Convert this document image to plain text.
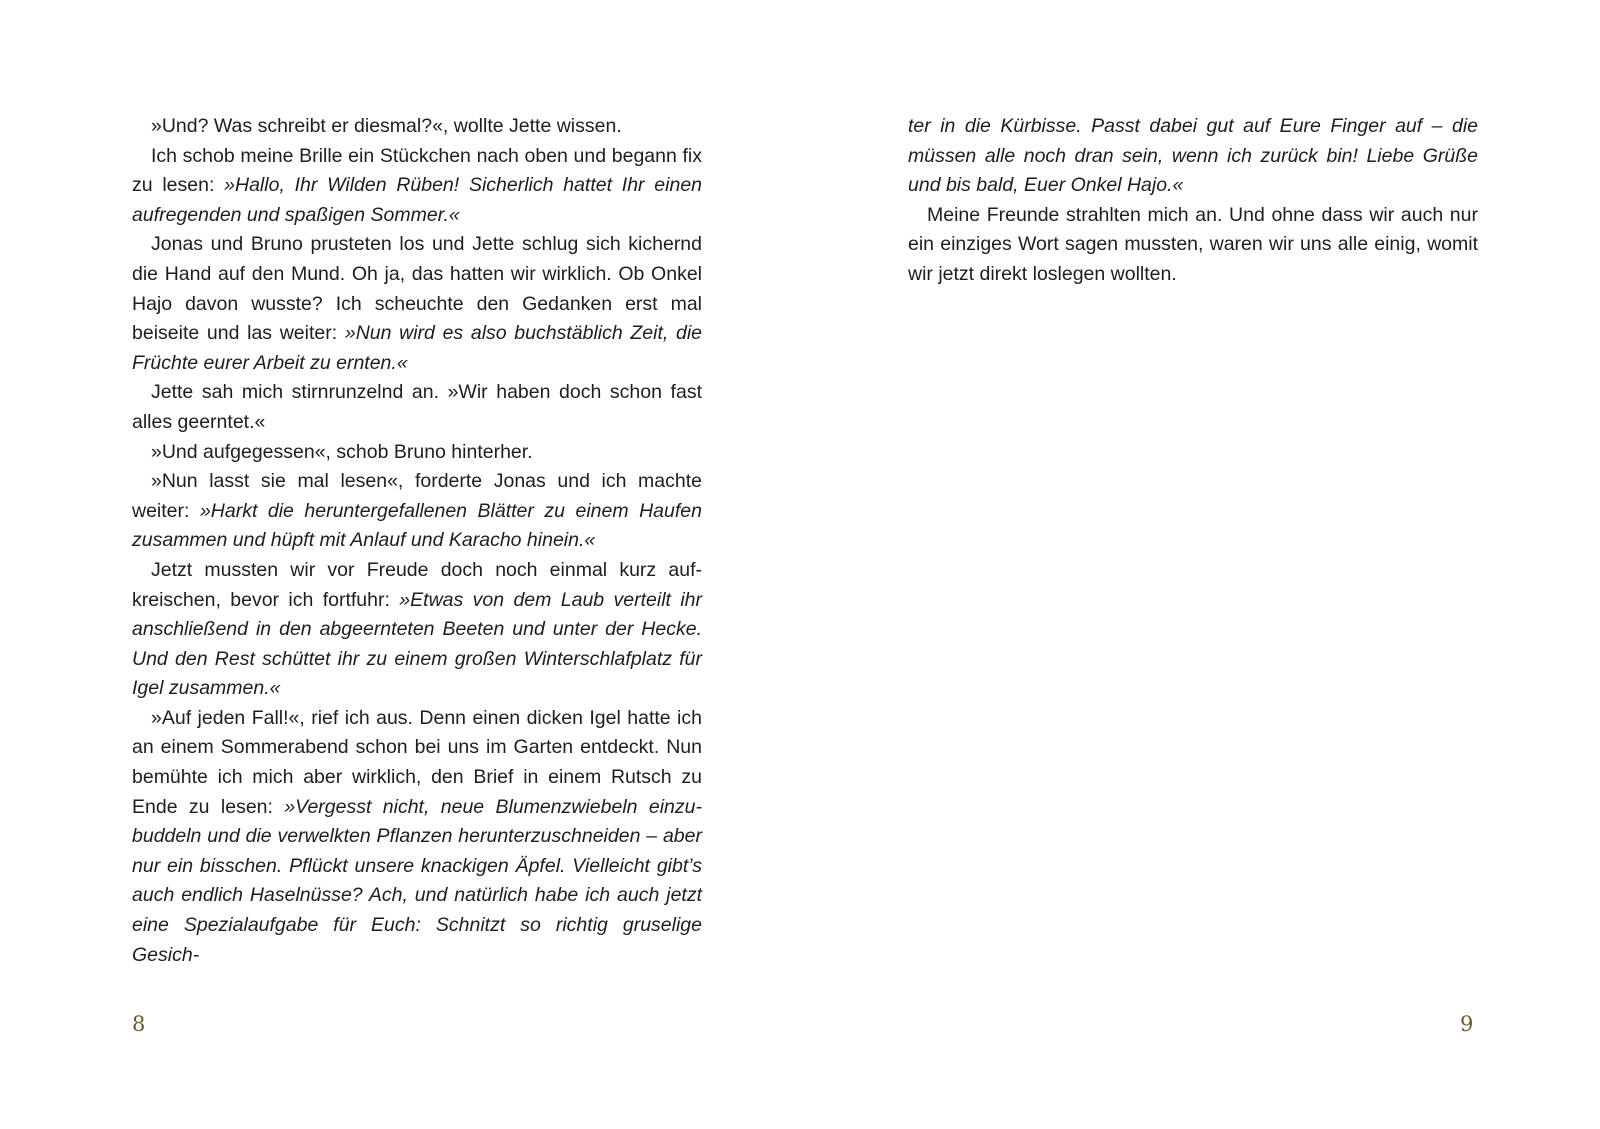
»Und? Was schreibt er diesmal?«, wollte Jette wissen.

Ich schob meine Brille ein Stückchen nach oben und begann fix zu lesen: »Hallo, Ihr Wilden Rüben! Sicherlich hattet Ihr einen aufregenden und spaßigen Sommer.«

Jonas und Bruno prusteten los und Jette schlug sich kichernd die Hand auf den Mund. Oh ja, das hatten wir wirklich. Ob Onkel Hajo davon wusste? Ich scheuchte den Gedanken erst mal beiseite und las weiter: »Nun wird es also buchstäblich Zeit, die Früchte eurer Arbeit zu ernten.«

Jette sah mich stirnrunzelnd an. »Wir haben doch schon fast alles geerntet.«

»Und aufgegessen«, schob Bruno hinterher.

»Nun lasst sie mal lesen«, forderte Jonas und ich machte weiter: »Harkt die heruntergefallenen Blätter zu einem Haufen zusammen und hüpft mit Anlauf und Karacho hinein.«

Jetzt mussten wir vor Freude doch noch einmal kurz aufkreischen, bevor ich fortfuhr: »Etwas von dem Laub verteilt ihr anschließend in den abgeernteten Beeten und unter der Hecke. Und den Rest schüttet ihr zu einem großen Winterschlafplatz für Igel zusammen.«

»Auf jeden Fall!«, rief ich aus. Denn einen dicken Igel hatte ich an einem Sommerabend schon bei uns im Garten entdeckt. Nun bemühte ich mich aber wirklich, den Brief in einem Rutsch zu Ende zu lesen: »Vergesst nicht, neue Blumenzwiebeln einzubuddeln und die verwelkten Pflanzen herunterzuschneiden – aber nur ein bisschen. Pflückt unsere knackigen Äpfel. Vielleicht gibt’s auch endlich Haselnüsse? Ach, und natürlich habe ich auch jetzt eine Spezialaufgabe für Euch: Schnitzt so richtig gruselige Gesich-

8

ter in die Kürbisse. Passt dabei gut auf Eure Finger auf – die müssen alle noch dran sein, wenn ich zurück bin! Liebe Grüße und bis bald, Euer Onkel Hajo.«

Meine Freunde strahlten mich an. Und ohne dass wir auch nur ein einziges Wort sagen mussten, waren wir uns alle einig, womit wir jetzt direkt loslegen wollten.

9
